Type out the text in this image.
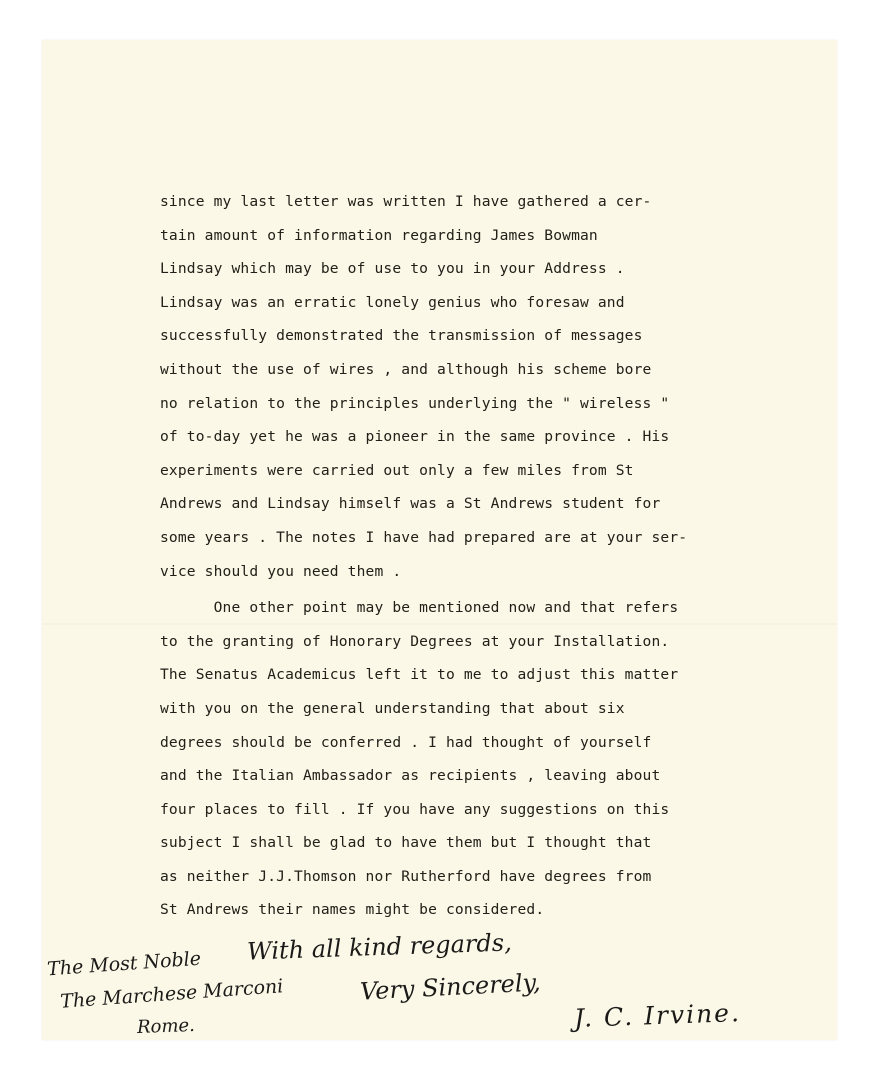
since my last letter was written I have gathered a cer-
tain amount of information regarding James Bowman
Lindsay which may be of use to you in your Address .
Lindsay was an erratic lonely genius who foresaw and
successfully demonstrated the transmission of messages
without the use of wires , and although his scheme bore
no relation to the principles underlying the " wireless "
of to-day yet he was a pioneer in the same province . His
experiments were carried out only a few miles from St
Andrews and Lindsay himself was a St Andrews student for
some years . The notes I have had prepared are at your ser-
vice should you need them .
One other point may be mentioned now and that refers
to the granting of Honorary Degrees at your Installation.
The Senatus Academicus left it to me to adjust this matter
with you on the general understanding that about six
degrees should be conferred . I had thought of yourself
and the Italian Ambassador as recipients , leaving about
four places to fill . If you have any suggestions on this
subject I shall be glad to have them but I thought that
as neither J.J.Thomson nor Rutherford have degrees from
St Andrews their names might be considered.
With all kind regards,
Very Sincerely,
J. C. Irvine.
The Most Noble
The Marchese Marconi
Rome.
